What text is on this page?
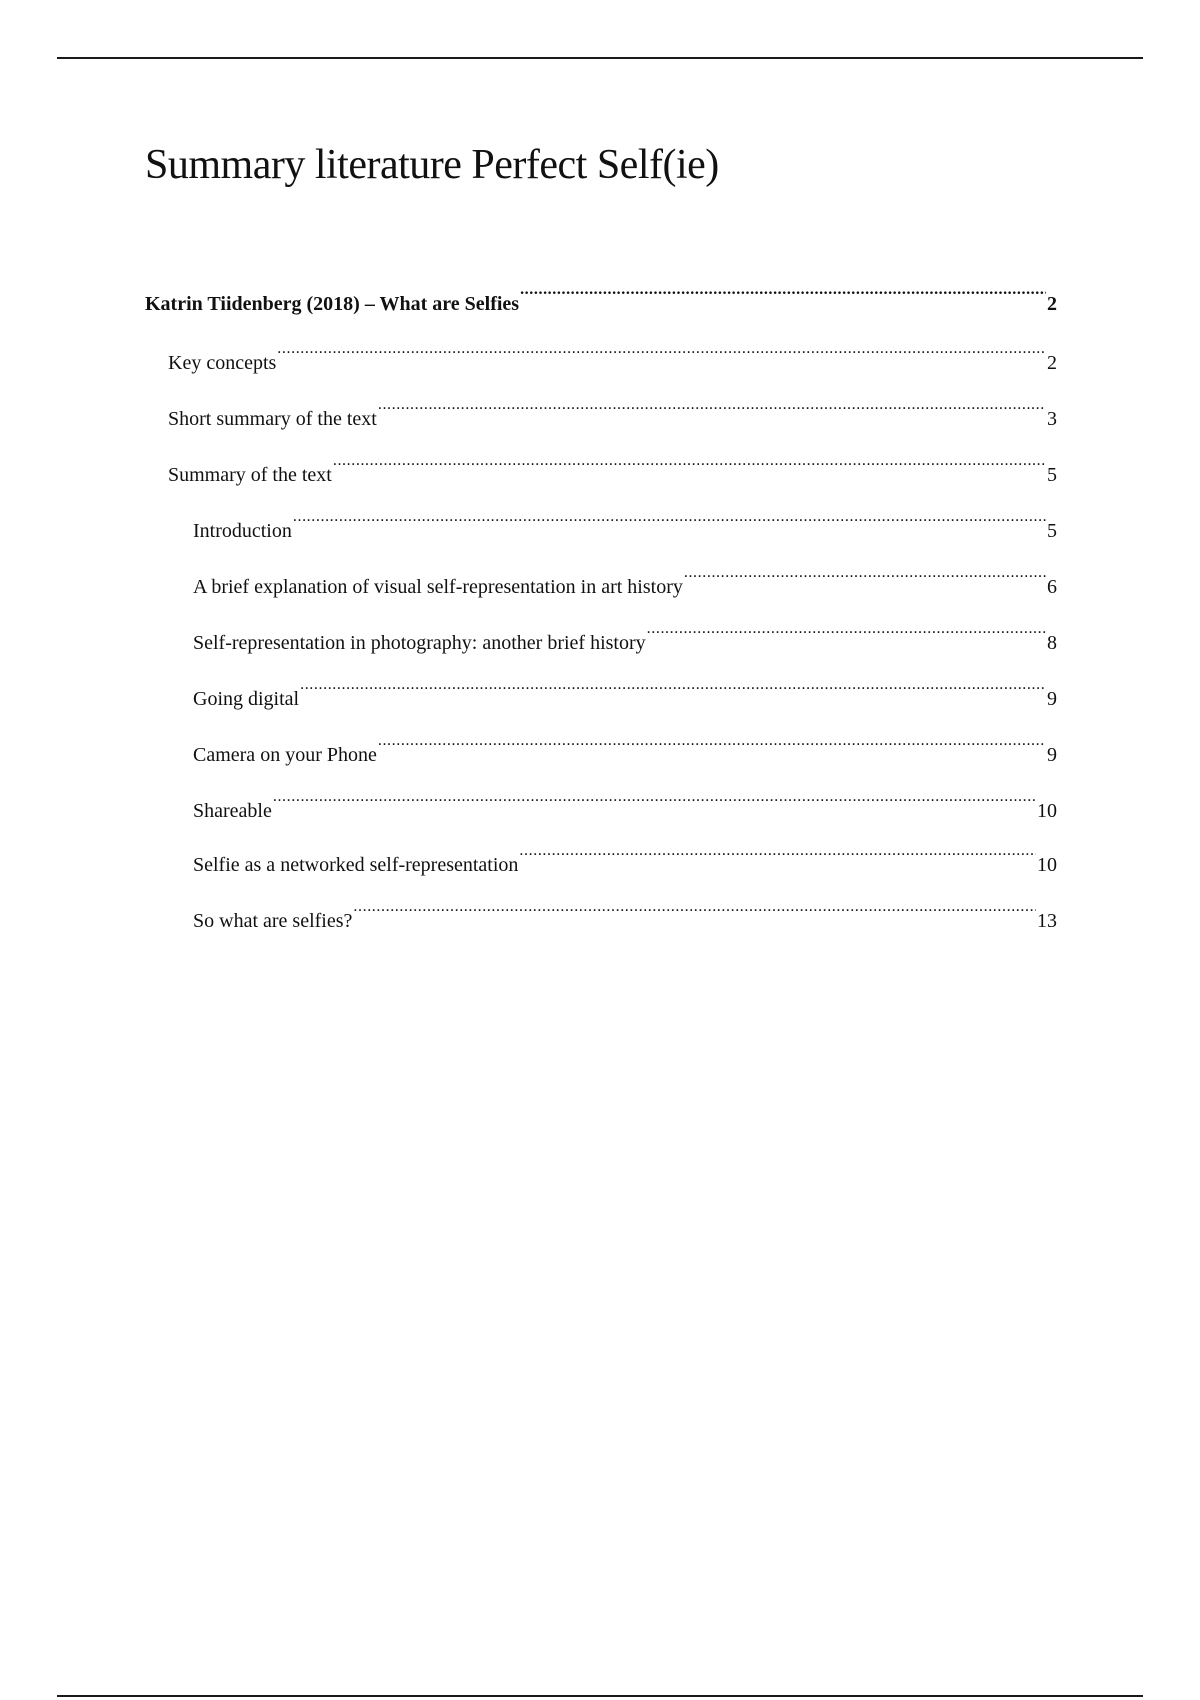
Summary literature Perfect Self(ie)
Katrin Tiidenberg (2018) – What are Selfies .....	2
Key concepts .....	2
Short summary of the text .....	3
Summary of the text .....	5
Introduction .....	5
A brief explanation of visual self-representation in art history .....	6
Self-representation in photography: another brief history .....	8
Going digital .....	9
Camera on your Phone .....	9
Shareable .....	10
Selfie as a networked self-representation .....	10
So what are selfies? .....	13
